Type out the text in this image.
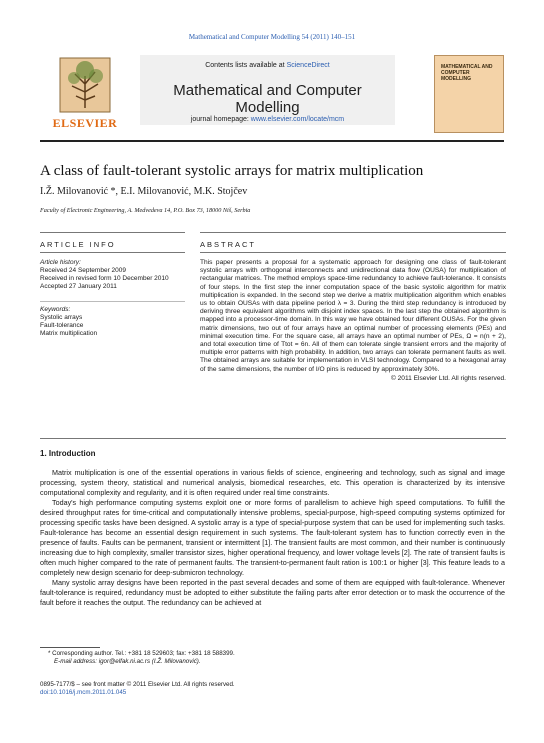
Mathematical and Computer Modelling 54 (2011) 140–151
ELSEVIER
Contents lists available at ScienceDirect
Mathematical and Computer Modelling
journal homepage: www.elsevier.com/locate/mcm
MATHEMATICAL AND COMPUTER MODELLING
A class of fault-tolerant systolic arrays for matrix multiplication
I.Ž. Milovanović *, E.I. Milovanović, M.K. Stojčev
Faculty of Electronic Engineering, A. Medvedeva 14, P.O. Box 73, 18000 Niš, Serbia
ARTICLE INFO
Article history:
Received 24 September 2009
Received in revised form 10 December 2010
Accepted 27 January 2011
Keywords:
Systolic arrays
Fault-tolerance
Matrix multiplication
ABSTRACT
This paper presents a proposal for a systematic approach for designing one class of fault-tolerant systolic arrays with orthogonal interconnects and unidirectional data flow (OUSA) for multiplication of rectangular matrices. The method employs space-time redundancy to achieve fault-tolerance. It consists of four steps. In the first step the inner computation space of the basic systolic algorithm for matrix multiplication is expanded. In the second step we derive a matrix multiplication algorithm which enables us to obtain OUSAs with data pipeline period λ = 3. During the third step redundancy is introduced by deriving three equivalent algorithms with disjoint index spaces. In the last step the obtained algorithm is mapped into a processor-time domain. In this way we have obtained four different OUSAs. For the given matrix dimensions, two out of four arrays have an optimal number of processing elements (PEs) and minimal execution time. For the square case, all arrays have an optimal number of PEs, Ω = n(n + 2), and total execution time of Ttot = 6n. All of them can tolerate single transient errors and the majority of multiple error patterns with high probability. In addition, two arrays can tolerate permanent faults as well. The obtained arrays are suitable for implementation in VLSI technology. Compared to a hexagonal array of the same dimensions, the number of I/O pins is reduced by approximately 30%.
© 2011 Elsevier Ltd. All rights reserved.
1. Introduction

Matrix multiplication is one of the essential operations in various fields of science, engineering and technology, such as signal and image processing, system theory, statistical and numerical analysis, biomedical researches, etc. This operation is characterized by its intensive computational complexity and regularity, and it is often required under real time constraints.

Today's high performance computing systems exploit one or more forms of parallelism to achieve high speed computations. To fulfill the desired throughput rates for time-critical and computationally intensive problems, special-purpose, high-speed computing systems optimized for processing specific tasks have been designed. A systolic array is a type of special-purpose system that can be used for implementing such tasks. Fault-tolerance has become an essential design requirement in such systems. The fault-tolerant system has to function correctly even in the presence of faults. Faults can be permanent, transient or intermittent [1]. The transient faults are most common, and their number is continuously increasing due to high complexity, smaller transistor sizes, higher operational frequency, and lower voltage levels [2]. The rate of transient faults is often much higher compared to the rate of permanent faults. The transient-to-permanent fault ration is 100:1 or higher [3]. This feature leads to a completely new design scenario for deep-submicron technology.

Many systolic array designs have been reported in the past several decades and some of them are equipped with fault-tolerance. Whenever fault-tolerance is required, redundancy must be adopted to either substitute the failing parts after error detection or to mask the occurrence of the fault before it reaches the output. The redundancy can be achieved at

* Corresponding author. Tel.: +381 18 529603; fax: +381 18 588399.
E-mail address: igor@elfak.ni.ac.rs (I.Ž. Milovanović).
0895-7177/$ – see front matter © 2011 Elsevier Ltd. All rights reserved.
doi:10.1016/j.mcm.2011.01.045
